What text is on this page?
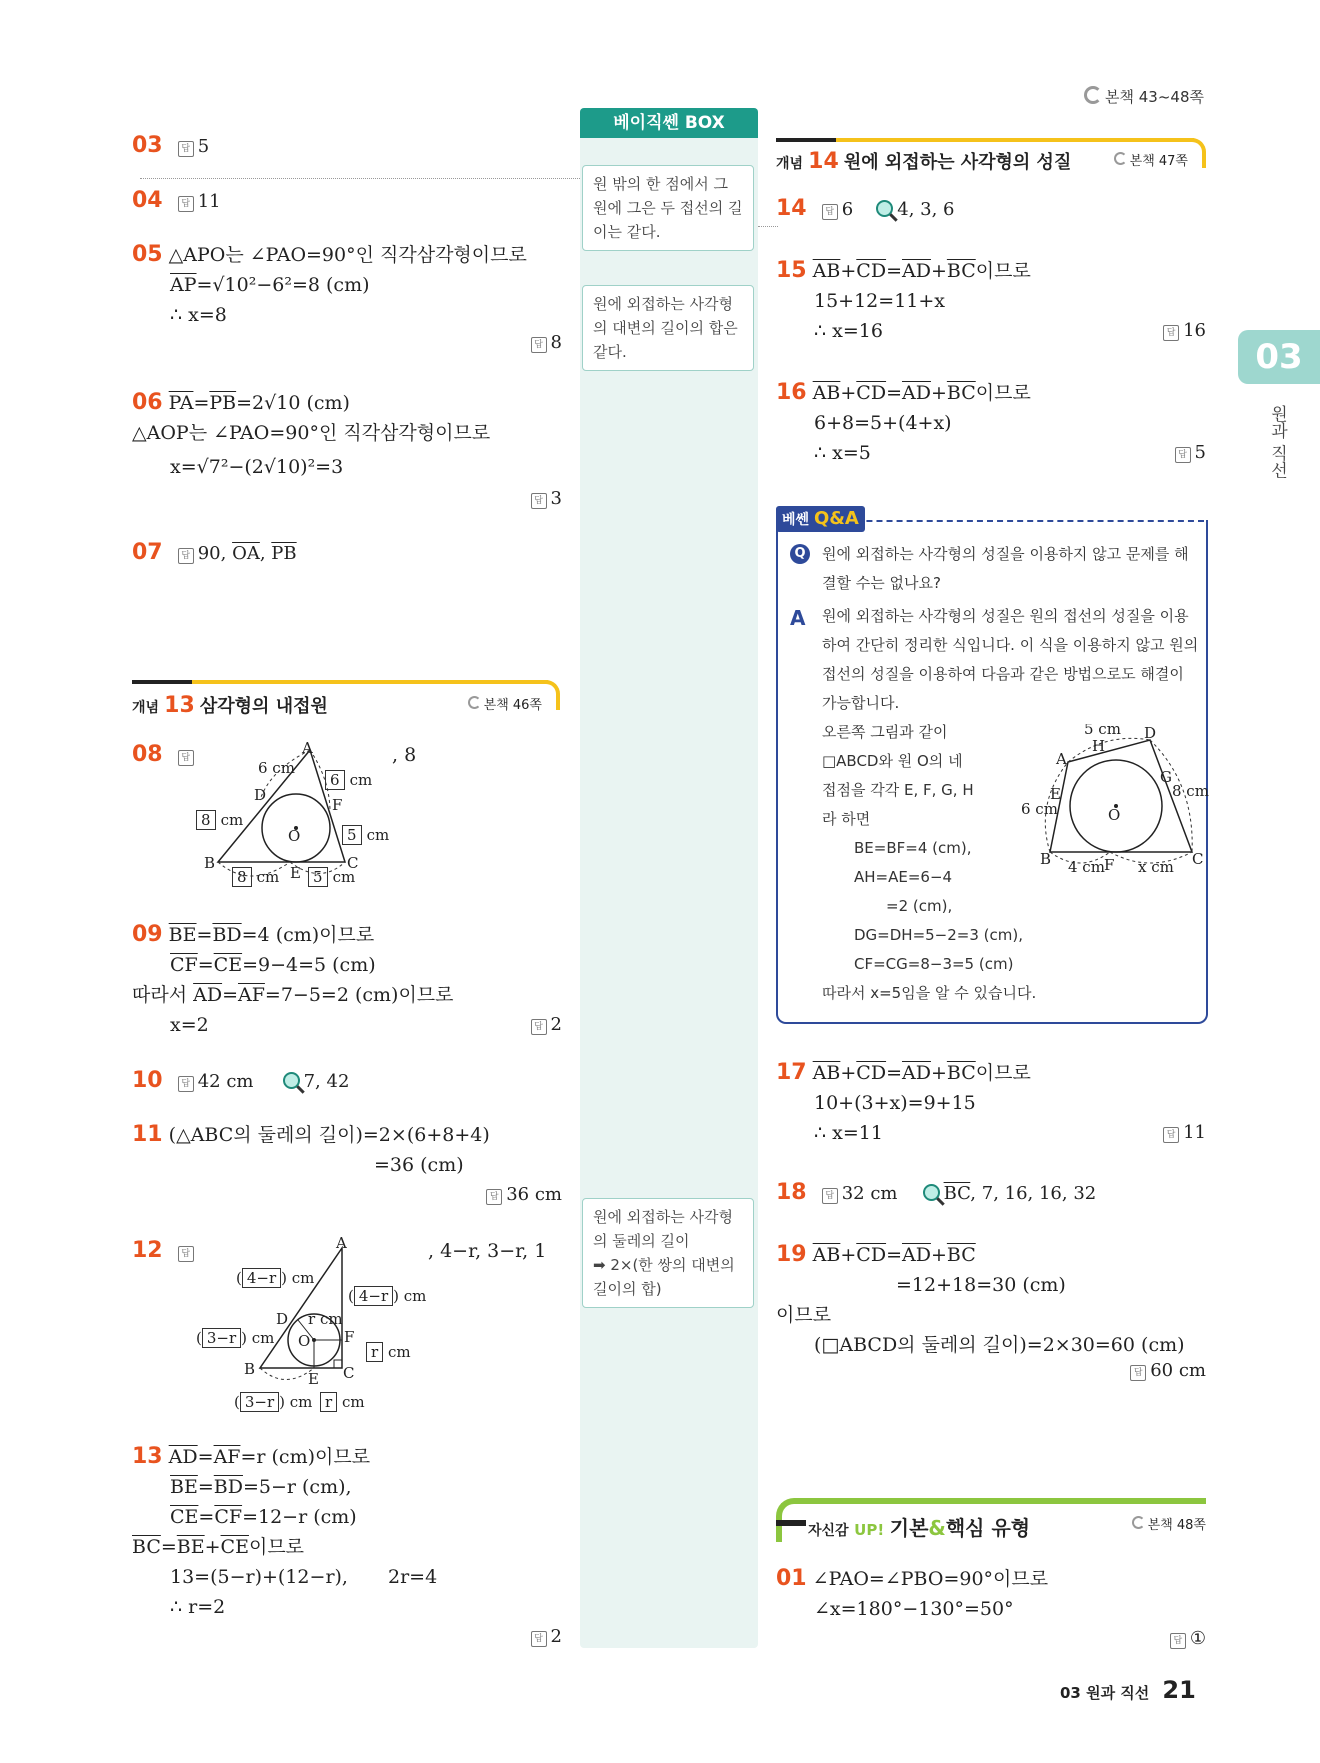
본책 43~48쪽
03
원과 직선
베이직쎈 BOX
원 밖의 한 점에서 그 원에 그은 두 접선의 길이는 같다.
원에 외접하는 사각형의 대변의 길이의 합은 같다.
원에 외접하는 사각형의 둘레의 길이
➡ 2×(한 쌍의 대변의 길이의 합)
03 답 5
04 답 11
05 △APO는 ∠PAO=90°인 직각삼각형이므로
$\overline{AP}=√10^2-6^2=8$ (cm)
∴ x=8
답 8
06 $\overline{PA}=\overline{PB}=2√10$ (cm)
△AOP는 ∠PAO=90°인 직각삼각형이므로
x=√7²−(2√10)²=3
답 3
07 답 90, $\overline{OA}$, $\overline{PB}$
개념 13 삼각형의 내접원	본책 46쪽
08 답	, 8
A
B	C
D
E
F
O
6 cm
6 cm
5 cm
8 cm
8 cm	5 cm
09 $\overline{BE}=\overline{BD}=4$ (cm)이므로
$\overline{CF}=\overline{CE}=9-4=5$ (cm)
따라서 $\overline{AD}=\overline{AF}=7-5=2$ (cm)이므로
x=2	답 2
10 답 42 cm	7, 42
11 (△ABC의 둘레의 길이)=2×(6+8+4)
=36 (cm)
답 36 cm
12 답	, 4−r, 3−r, 1
A
B	C
D
E
F
O
r cm
( 4−r ) cm
( 4−r ) cm
( 3−r ) cm
r cm
( 3−r ) cm r cm
13 $\overline{AD}=\overline{AF}=r$ (cm)이므로
$\overline{BE}=\overline{BD}=5-r$ (cm),
$\overline{CE}=\overline{CF}=12-r$ (cm)
$\overline{BC}=\overline{BE}+\overline{CE}$이므로
13=(5−r)+(12−r), 2r=4
∴ r=2
답 2
개념 14 원에 외접하는 사각형의 성질	본책 47쪽
14 답 6 4, 3, 6
15 $\overline{AB}+\overline{CD}=\overline{AD}+\overline{BC}$이므로
15+12=11+x
∴ x=16	답 16
16 $\overline{AB}+\overline{CD}=\overline{AD}+\overline{BC}$이므로
6+8=5+(4+x)
∴ x=5	답 5
베쎈 Q&A
Q 원에 외접하는 사각형의 성질을 이용하지 않고 문제를 해결할 수는 없나요?
A 원에 외접하는 사각형의 성질은 원의 접선의 성질을 이용하여 간단히 정리한 식입니다. 이 식을 이용하지 않고 원의 접선의 성질을 이용하여 다음과 같은 방법으로도 해결이 가능합니다.
오른쪽 그림과 같이
□ABCD와 원 O의 네
접점을 각각 E, F, G, H
라 하면
BE=BF=4 (cm),
AH=AE=6−4
=2 (cm),
DG=DH=5−2=3 (cm),
CF=CG=8−3=5 (cm)
따라서 x=5임을 알 수 있습니다.
A
B	C
D
E
F
G
H
O
5 cm
6 cm
8 cm
4 cm x cm
17 $\overline{AB}+\overline{CD}=\overline{AD}+\overline{BC}$이므로
10+(3+x)=9+15
∴ x=11	답 11
18 답 32 cm	$\overline{BC}$, 7, 16, 16, 32
19 $\overline{AB}+\overline{CD}=\overline{AD}+\overline{BC}$
=12+18=30 (cm)
이므로
(□ABCD의 둘레의 길이)=2×30=60 (cm)
답 60 cm
자신감 UP! 기본&핵심 유형	본책 48쪽
01 ∠PAO=∠PBO=90°이므로
∠x=180°−130°=50°
답 ①
03 원과 직선 21
